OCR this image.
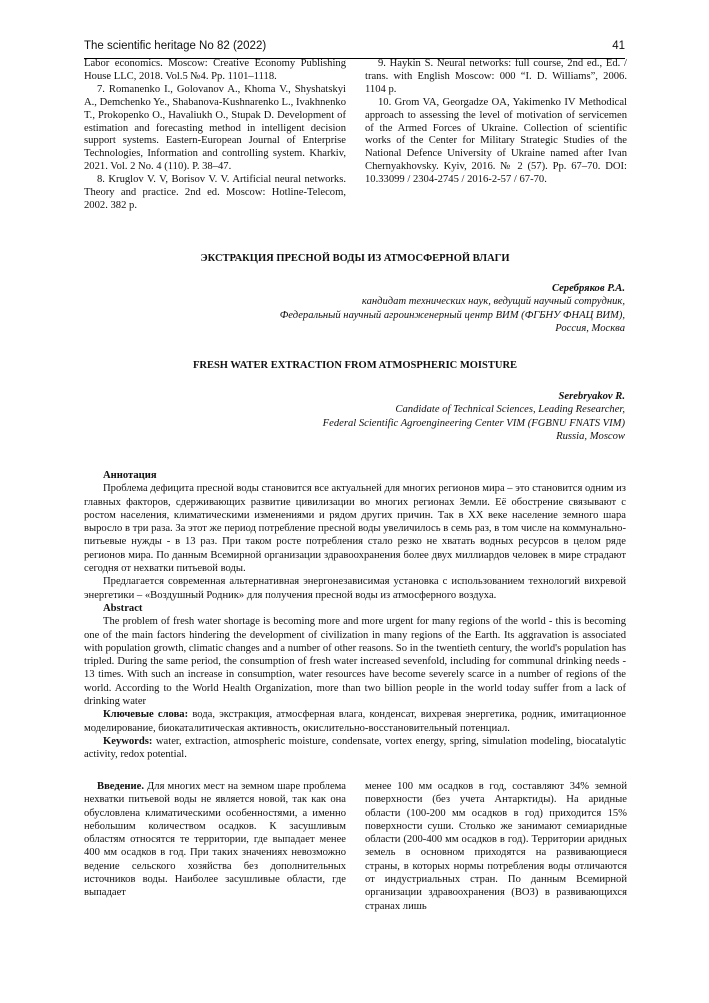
The scientific heritage No 82 (2022)	41

Labor economics. Moscow: Creative Economy Publishing House LLC, 2018. Vol.5 №4. Pp. 1101–1118.

7. Romanenko I., Golovanov A., Khoma V., Shyshatskyi A., Demchenko Ye., Shabanova-Kushnarenko L., Ivakhnenko T., Prokopenko O., Havaliukh O., Stupak D. Development of estimation and forecasting method in intelligent decision support systems. Eastern-European Journal of Enterprise Technologies, Information and controlling system. Kharkiv, 2021. Vol. 2 No. 4 (110). P. 38–47.

8. Kruglov V. V, Borisov V. V. Artificial neural networks. Theory and practice. 2nd ed. Moscow: Hotline-Telecom, 2002. 382 p.

9. Haykin S. Neural networks: full course, 2nd ed., Ed. / trans. with English Moscow: 000 “I. D. Williams”, 2006. 1104 p.

10. Grom VA, Georgadze OA, Yakimenko IV Methodical approach to assessing the level of motivation of servicemen of the Armed Forces of Ukraine. Collection of scientific works of the Center for Military Strategic Studies of the National Defence University of Ukraine named after Ivan Chernyakhovsky. Kyiv, 2016. № 2 (57). Pp. 67–70. DOI: 10.33099 / 2304-2745 / 2016-2-57 / 67-70.

ЭКСТРАКЦИЯ ПРЕСНОЙ ВОДЫ ИЗ АТМОСФЕРНОЙ ВЛАГИ
Серебряков Р.А.
кандидат технических наук, ведущий научный сотрудник,
Федеральный научный агроинженерный центр ВИМ (ФГБНУ ФНАЦ ВИМ),
Россия, Москва
FRESH WATER EXTRACTION FROM ATMOSPHERIC MOISTURE
Serebryakov R.
Candidate of Technical Sciences, Leading Researcher,
Federal Scientific Agroengineering Center VIM (FGBNU FNATS VIM)
Russia, Moscow

Аннотация

Проблема дефицита пресной воды становится все актуальней для многих регионов мира – это становится одним из главных факторов, сдерживающих развитие цивилизации во многих регионах Земли. Её обострение связывают с ростом населения, климатическими изменениями и рядом других причин. Так в XX веке население земного шара выросло в три раза. За этот же период потребление пресной воды увеличилось в семь раз, в том числе на коммунально-питьевые нужды - в 13 раз. При таком росте потребления стало резко не хватать водных ресурсов в целом ряде регионов мира. По данным Всемирной организации здравоохранения более двух миллиардов человек в мире страдают сегодня от нехватки питьевой воды.

Предлагается современная альтернативная энергонезависимая установка с использованием технологий вихревой энергетики – «Воздушный Родник» для получения пресной воды из атмосферного воздуха.

Abstract

The problem of fresh water shortage is becoming more and more urgent for many regions of the world - this is becoming one of the main factors hindering the development of civilization in many regions of the Earth. Its aggravation is associated with population growth, climatic changes and a number of other reasons. So in the twentieth century, the world's population has tripled. During the same period, the consumption of fresh water increased sevenfold, including for communal drinking needs - 13 times. With such an increase in consumption, water resources have become severely scarce in a number of regions of the world. According to the World Health Organization, more than two billion people in the world today suffer from a lack of drinking water

Ключевые слова: вода, экстракция, атмосферная влага, конденсат, вихревая энергетика, родник, имитационное моделирование, биокаталитическая активность, окислительно-восстановительный потенциал.

Keywords: water, extraction, atmospheric moisture, condensate, vortex energy, spring, simulation modeling, biocatalytic activity, redox potential.

Введение. Для многих мест на земном шаре проблема нехватки питьевой воды не является новой, так как она обусловлена климатическими особенностями, а именно небольшим количеством осадков. К засушливым областям относятся те территории, где выпадает менее 400 мм осадков в год. При таких значениях невозможно ведение сельского хозяйства без дополнительных источников воды. Наиболее засушливые области, где выпадает

менее 100 мм осадков в год, составляют 34% земной поверхности (без учета Антарктиды). На аридные области (100-200 мм осадков в год) приходится 15% поверхности суши. Столько же занимают семиаридные области (200-400 мм осадков в год). Территории аридных земель в основном приходятся на развивающиеся страны, в которых нормы потребления воды отличаются от индустриальных стран. По данным Всемирной организации здравоохранения (ВОЗ) в развивающихся странах лишь
